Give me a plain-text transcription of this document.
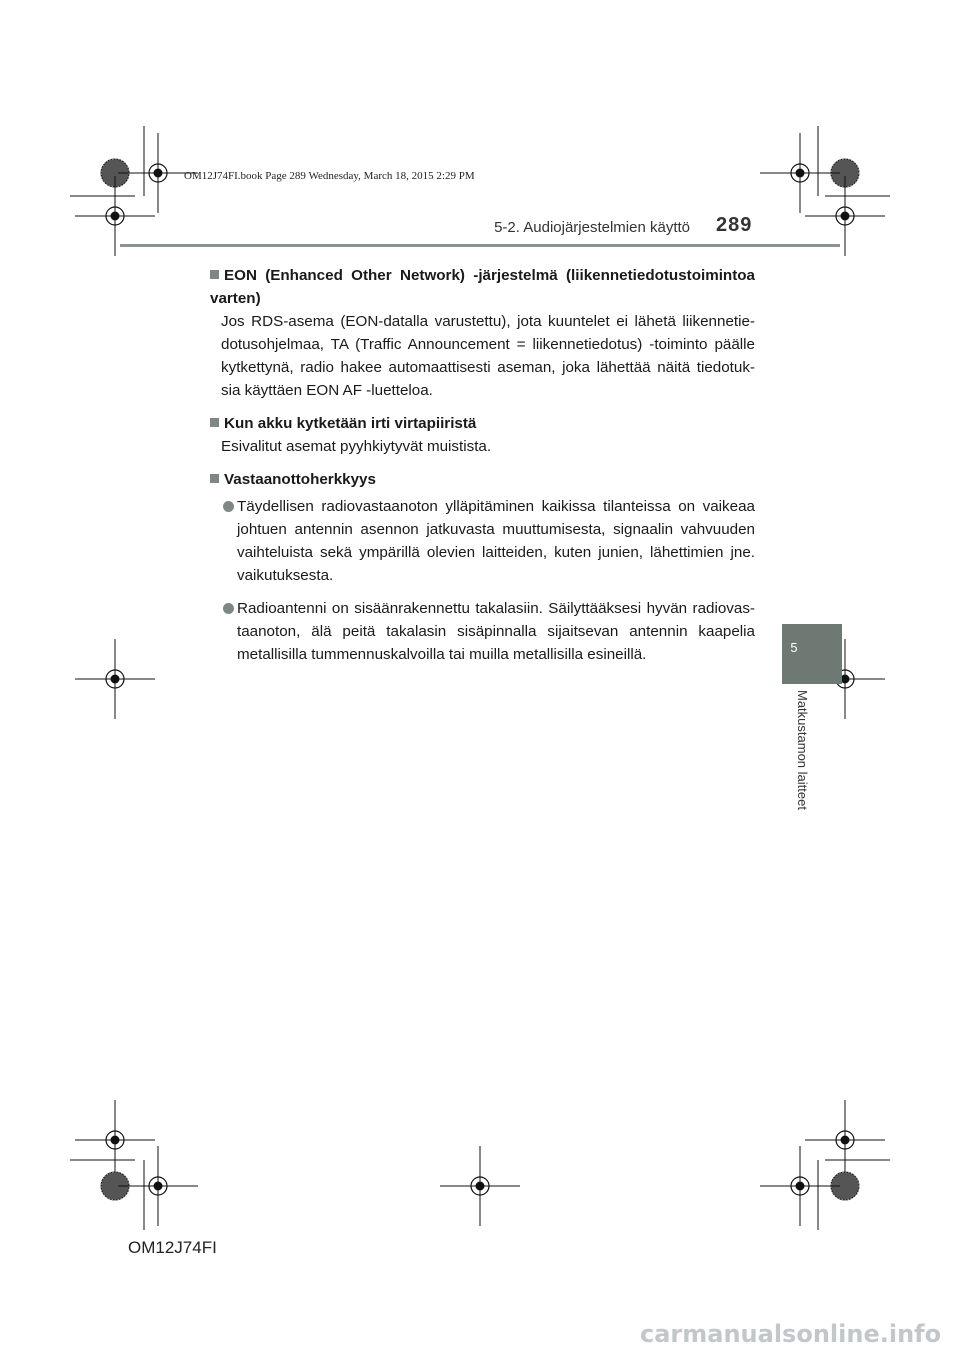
OM12J74FI.book Page 289 Wednesday, March 18, 2015 2:29 PM
5-2. Audiojärjestelmien käyttö 289
EON (Enhanced Other Network) -järjestelmä (liikennetiedotustoimintoa varten)
Jos RDS-asema (EON-datalla varustettu), jota kuuntelet ei lähetä liikennetie-dotusohjelmaa, TA (Traffic Announcement = liikennetiedotus) -toiminto päälle kytkettynä, radio hakee automaattisesti aseman, joka lähettää näitä tiedotuk-sia käyttäen EON AF -luetteloa.
Kun akku kytketään irti virtapiiristä
Esivalitut asemat pyyhkiytyvät muistista.
Vastaanottoherkkyys
Täydellisen radiovastaanoton ylläpitäminen kaikissa tilanteissa on vaikeaa johtuen antennin asennon jatkuvasta muuttumisesta, signaalin vahvuuden vaihteluista sekä ympärillä olevien laitteiden, kuten junien, lähettimien jne. vaikutuksesta.
Radioantenni on sisäänrakennettu takalasiin. Säilyttääksesi hyvän radiovas-taanoton, älä peitä takalasin sisäpinnalla sijaitsevan antennin kaapelia metallisilla tummennuskalvoilla tai muilla metallisilla esineillä.	5
Matkustamon laitteet
OM12J74FI
carmanualsonline.info
